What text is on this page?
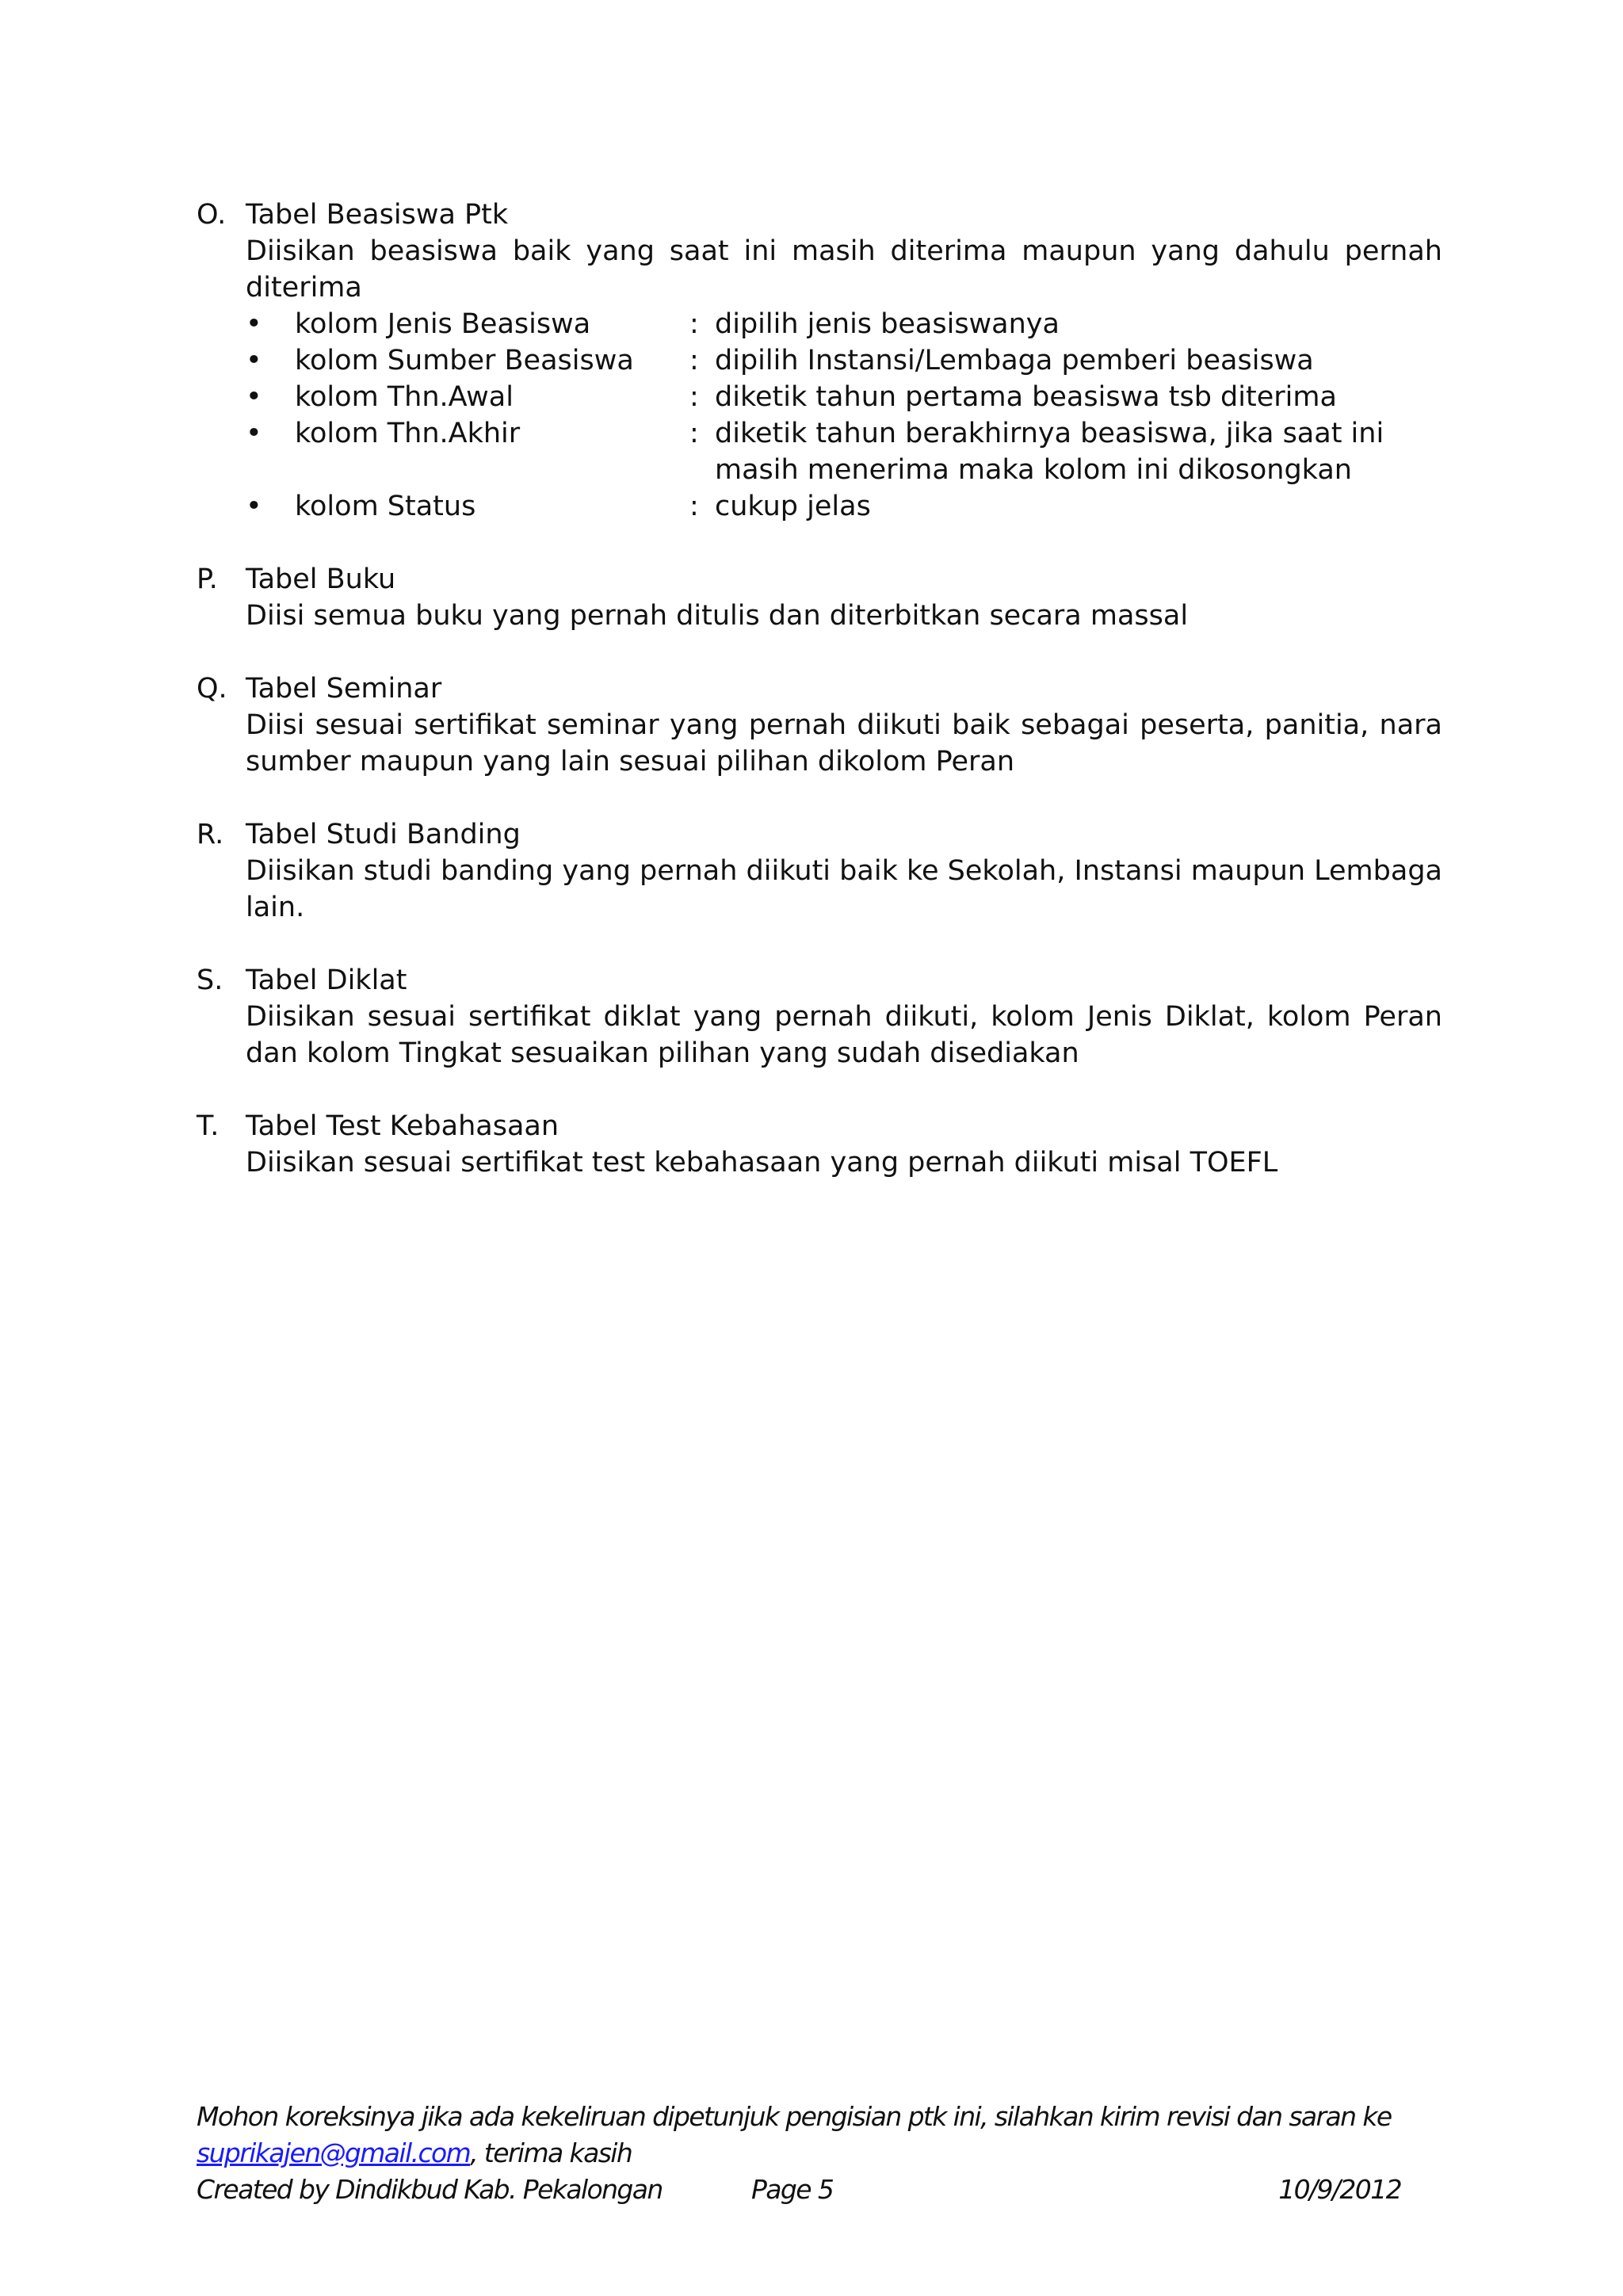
O. Tabel Beasiswa Ptk
Diisikan beasiswa baik yang saat ini masih diterima maupun yang dahulu pernah diterima
•	kolom Jenis Beasiswa	: dipilih jenis beasiswanya
•	kolom Sumber Beasiswa	: dipilih Instansi/Lembaga pemberi beasiswa
•	kolom Thn.Awal	: diketik tahun pertama beasiswa tsb diterima
•	kolom Thn.Akhir	: diketik tahun berakhirnya beasiswa, jika saat ini masih menerima maka kolom ini dikosongkan
•	kolom Status	: cukup jelas
P. Tabel Buku
Diisi semua buku yang pernah ditulis dan diterbitkan secara massal
Q. Tabel Seminar
Diisi sesuai sertifikat seminar yang pernah diikuti baik sebagai peserta, panitia, nara sumber maupun yang lain sesuai pilihan dikolom Peran
R. Tabel Studi Banding
Diisikan studi banding yang pernah diikuti baik ke Sekolah, Instansi maupun Lembaga lain.
S. Tabel Diklat
Diisikan sesuai sertifikat diklat yang pernah diikuti, kolom Jenis Diklat, kolom Peran dan kolom Tingkat sesuaikan pilihan yang sudah disediakan
T. Tabel Test Kebahasaan
Diisikan sesuai sertifikat test kebahasaan yang pernah diikuti misal TOEFL
Mohon koreksinya jika ada kekeliruan dipetunjuk pengisian ptk ini, silahkan kirim revisi dan saran ke
suprikajen@gmail.com, terima kasih
Created by Dindikbud Kab. Pekalongan	Page 5	10/9/2012
